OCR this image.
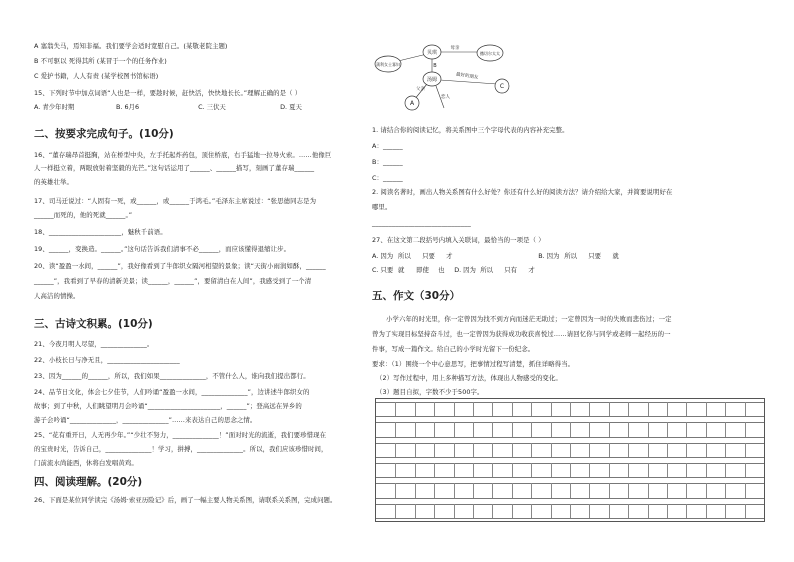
A 塞翁失马，焉知非福。我们要学会适时宽慰自己。(某敬老院主题)
B 不可驱以 死得其所 (某冒于一个的任务作业)
C 爱护书籍，人人有责 (某学校图书馆标语)
15、下列时节中加点词语“人也是一样，要趁时候，赶快活，快快地长长。”理解正确的是（ ）
A. 青少年时期	B. 6月6	C. 三伏天	D. 夏天
二、按要求完成句子。(10分)
16、“董存瑞昂首挺胸，站在桥型中央，左手托起炸药包，顶住桥底，右手猛地一拉导火索。……他像巨
人一样挺立着，两眼放射着坚毅的光芒。”这句话运用了______、______描写，刻画了董存瑞______
的英雄壮举。
17、司马迁说过：“人固有一死，或______，或______于鸿毛。”毛泽东主席说过：“张思德同志是为
______而死的，他的死就______。”
18、______________________，魅秋千前语。
19、______，变换造。______。”这句话告诉我们清事不必______，而应该懂得退缩让步。
20、读“盈盈一水间，______”，我好像看到了牛郎织女隔河相望的景象；读“天街小雨润如酥，______
______”，我看到了早春的清新美景；读______，______”，要留清白在人间”，我感受到了一个清
人高洁的情操。
三、古诗文积累。(10分)
21、今夜月明人尽望，______________。
22、小枝长日与净无且，______________________
23、因为______的______，所以，我们如果______________，不管什么人，谁向我们提出都行。
24、品节日文化，体会七夕佳节，人们吟诵“盈盈一水间，______________”，边讲述牛郎织女的
故事；到了中秋，人们眺望明月会吟诵“______________________，______”；登高远在异乡的
游子会吟诵“______________，______________”……来表达自己的思念之情。
25、“花有重开日，人无再少年。”“少壮不努力，______________！”面对时光的流逝，我们要珍惜现在
的宝贵时光，告诉自己，______________！学习，拼搏，______________。所以，我们应该珍惜时间，
门前流水尚能西，休将白发唱黄鸡。
四、阅读理解。(20分)
26、下面是某位同学读完《汤姆·索亚历险记》后，画了一幅主要人物关系图，请联系关系图，完成问题。
蒲利女士寡妇
贝琪
母亲
撒切尔太太
汤姆	最好的朋友
A
B
C
父亲
恋人
1. 请结合你的阅读记忆，将关系图中三个字母代表的内容补充完整。
A：______
B：______
C：______
2. 阅读名著时，画出人物关系图有什么好处？你还有什么好的阅读方法？请介绍给大家，并简要说明好在
哪里。
______________________________
27、在这文第二段括号内填入关联词，最恰当的一项是（ ）
A. 因为 所以 只要 才	B. 因为 所以 只要 就
C. 只要 就 即使 也 D. 因为 所以 只有 才
五、作文（30分）
小学六年的时光里，你一定曾因为找不到方向而迷茫无助过；一定曾因为一时的失败而悲伤过；一定
曾为了实现目标坚持奋斗过，也一定曾因为获得成功收获喜悦过……请回忆你与同学或老师一起经历的一
件事，写成一篇作文。给自己的小学时光留下一份纪念。
要求：（1）围绕一个中心意思写，把事情过程写清楚，抓住详略得当。
（2）写作过程中，用上多种描写方法，体现出人物感受的变化。
（3）题目自拟，字数不少于500字。
